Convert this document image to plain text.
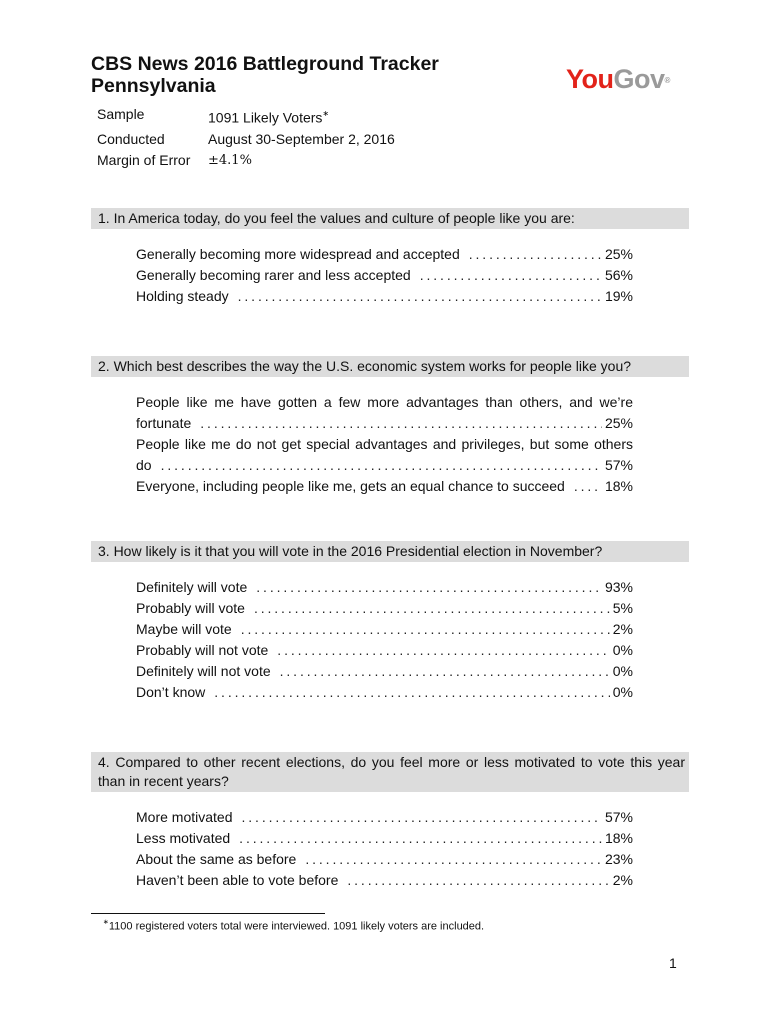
CBS News 2016 Battleground Tracker
Pennsylvania	YouGov®
Sample	1091 Likely Voters∗
Conducted	August 30-September 2, 2016
Margin of Error	±4.1%
1. In America today, do you feel the values and culture of people like you are:
Generally becoming more widespread and accepted . . .	25%
Generally becoming rarer and less accepted . . .	56%
Holding steady . . .	19%
2. Which best describes the way the U.S. economic system works for people like you?
People like me have gotten a few more advantages than others, and we’re
fortunate . . .	25%
People like me do not get special advantages and privileges, but some others
do . . .	57%
Everyone, including people like me, gets an equal chance to succeed . . .	18%
3. How likely is it that you will vote in the 2016 Presidential election in November?
Definitely will vote . . .	93%
Probably will vote . . .	5%
Maybe will vote . . .	2%
Probably will not vote . . .	0%
Definitely will not vote . . .	0%
Don’t know . . .	0%
4. Compared to other recent elections, do you feel more or less motivated to vote this year than in recent years?
More motivated . . .	57%
Less motivated . . .	18%
About the same as before . . .	23%
Haven’t been able to vote before . . .	2%
∗1100 registered voters total were interviewed. 1091 likely voters are included.
1
